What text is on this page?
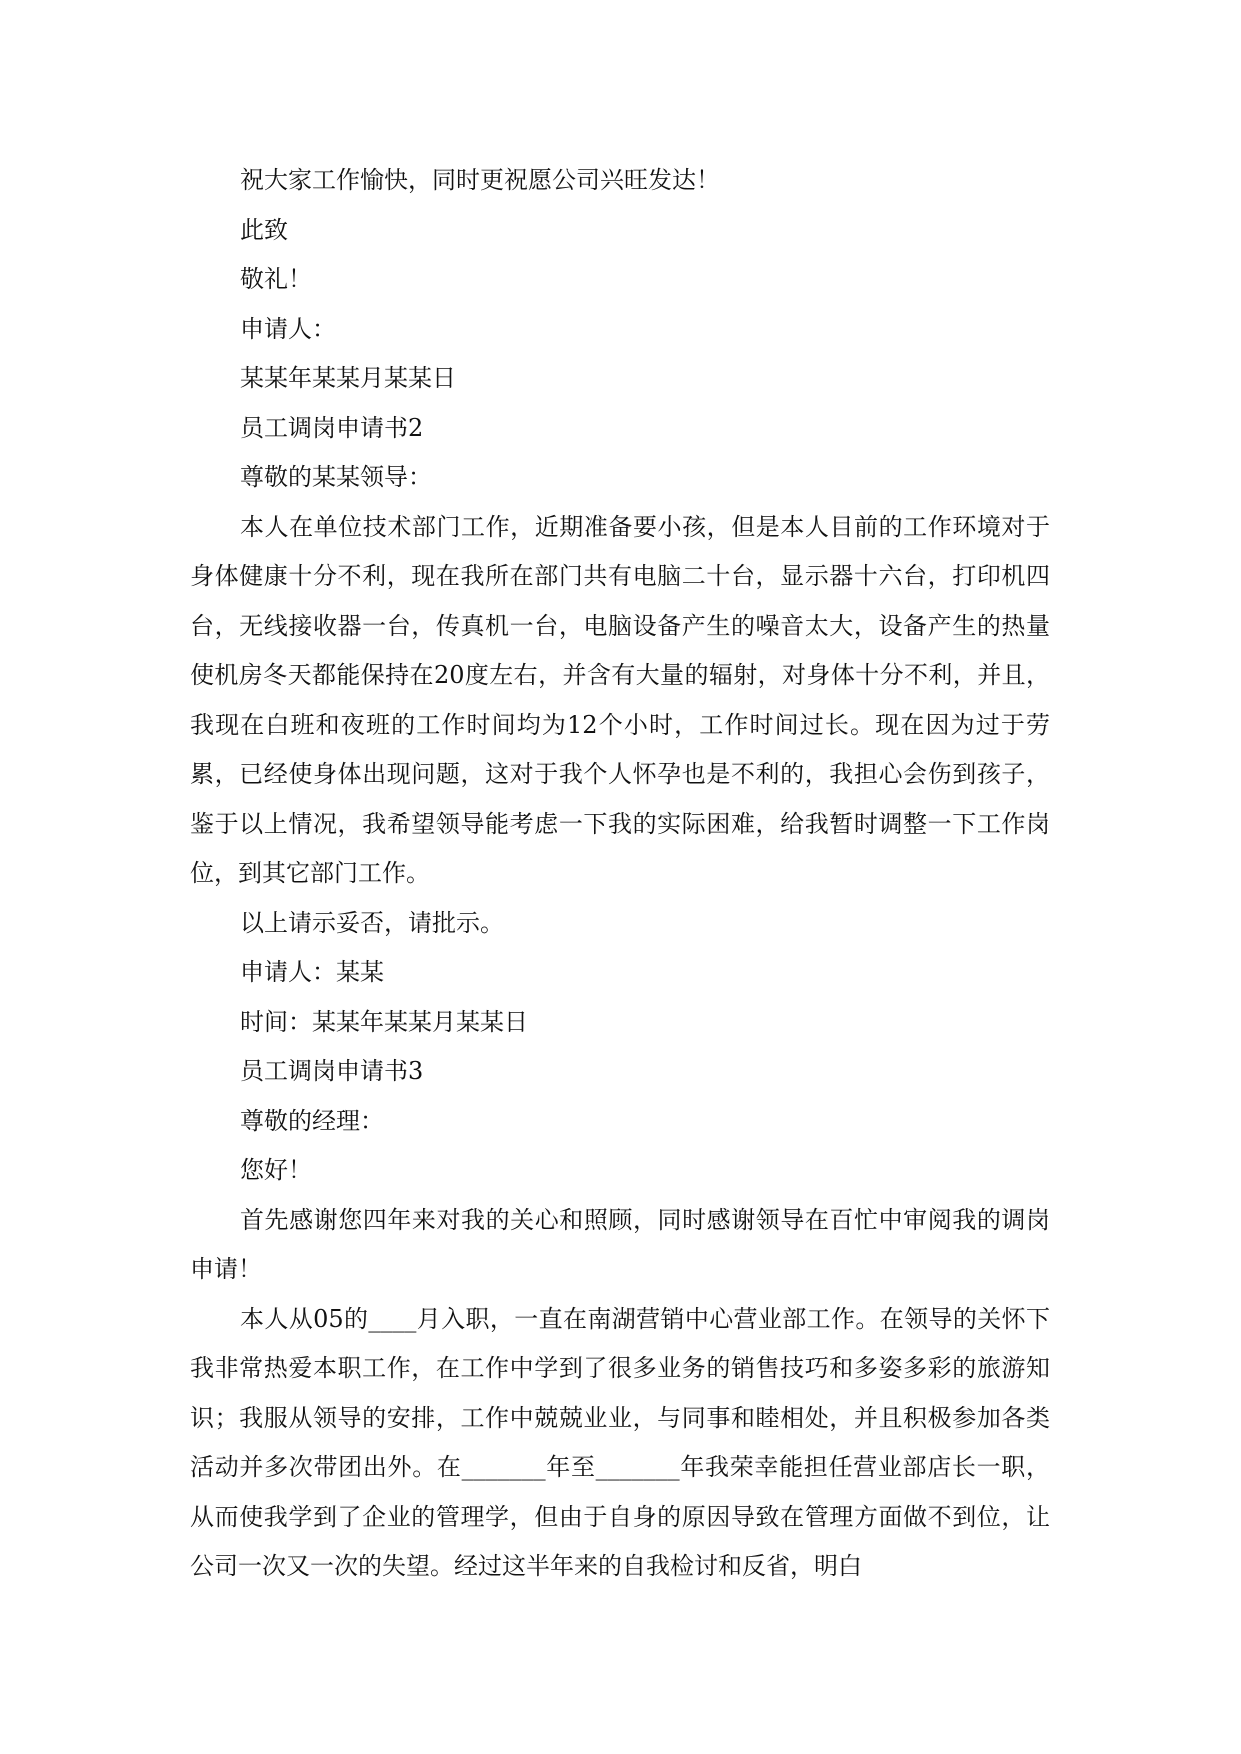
祝大家工作愉快，同时更祝愿公司兴旺发达！

此致

敬礼！

申请人：

某某年某某月某某日

员工调岗申请书2

尊敬的某某领导：

本人在单位技术部门工作，近期准备要小孩，但是本人目前的工作环境对于身体健康十分不利，现在我所在部门共有电脑二十台，显示器十六台，打印机四台，无线接收器一台，传真机一台，电脑设备产生的噪音太大，设备产生的热量使机房冬天都能保持在20度左右，并含有大量的辐射，对身体十分不利，并且，我现在白班和夜班的工作时间均为12个小时，工作时间过长。现在因为过于劳累，已经使身体出现问题，这对于我个人怀孕也是不利的，我担心会伤到孩子，鉴于以上情况，我希望领导能考虑一下我的实际困难，给我暂时调整一下工作岗位，到其它部门工作。

以上请示妥否，请批示。

申请人：某某

时间：某某年某某月某某日

员工调岗申请书3

尊敬的经理：

您好！

首先感谢您四年来对我的关心和照顾，同时感谢领导在百忙中审阅我的调岗申请！

本人从05的____月入职，一直在南湖营销中心营业部工作。在领导的关怀下我非常热爱本职工作，在工作中学到了很多业务的销售技巧和多姿多彩的旅游知识；我服从领导的安排，工作中兢兢业业，与同事和睦相处，并且积极参加各类活动并多次带团出外。在_______年至_______年我荣幸能担任营业部店长一职，从而使我学到了企业的管理学，但由于自身的原因导致在管理方面做不到位，让公司一次又一次的失望。经过这半年来的自我检讨和反省，明白
